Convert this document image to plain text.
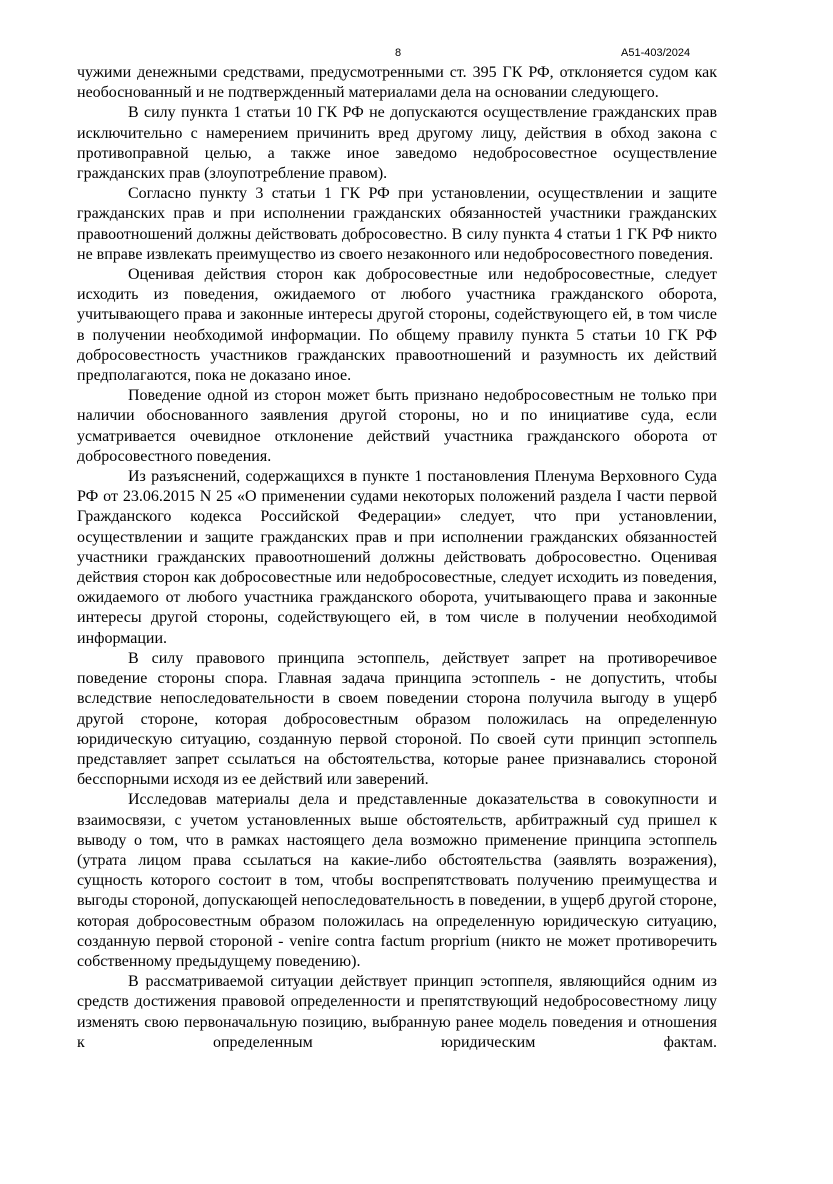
8	А51-403/2024

чужими денежными средствами, предусмотренными ст. 395 ГК РФ, отклоняется судом как необоснованный и не подтвержденный материалами дела на основании следующего.

В силу пункта 1 статьи 10 ГК РФ не допускаются осуществление гражданских прав исключительно с намерением причинить вред другому лицу, действия в обход закона с противоправной целью, а также иное заведомо недобросовестное осуществление гражданских прав (злоупотребление правом).

Согласно пункту 3 статьи 1 ГК РФ при установлении, осуществлении и защите гражданских прав и при исполнении гражданских обязанностей участники гражданских правоотношений должны действовать добросовестно. В силу пункта 4 статьи 1 ГК РФ никто не вправе извлекать преимущество из своего незаконного или недобросовестного поведения.

Оценивая действия сторон как добросовестные или недобросовестные, следует исходить из поведения, ожидаемого от любого участника гражданского оборота, учитывающего права и законные интересы другой стороны, содействующего ей, в том числе в получении необходимой информации. По общему правилу пункта 5 статьи 10 ГК РФ добросовестность участников гражданских правоотношений и разумность их действий предполагаются, пока не доказано иное.

Поведение одной из сторон может быть признано недобросовестным не только при наличии обоснованного заявления другой стороны, но и по инициативе суда, если усматривается очевидное отклонение действий участника гражданского оборота от добросовестного поведения.

Из разъяснений, содержащихся в пункте 1 постановления Пленума Верховного Суда РФ от 23.06.2015 N 25 «О применении судами некоторых положений раздела I части первой Гражданского кодекса Российской Федерации» следует, что при установлении, осуществлении и защите гражданских прав и при исполнении гражданских обязанностей участники гражданских правоотношений должны действовать добросовестно. Оценивая действия сторон как добросовестные или недобросовестные, следует исходить из поведения, ожидаемого от любого участника гражданского оборота, учитывающего права и законные интересы другой стороны, содействующего ей, в том числе в получении необходимой информации.

В силу правового принципа эстоппель, действует запрет на противоречивое поведение стороны спора. Главная задача принципа эстоппель - не допустить, чтобы вследствие непоследовательности в своем поведении сторона получила выгоду в ущерб другой стороне, которая добросовестным образом положилась на определенную юридическую ситуацию, созданную первой стороной. По своей сути принцип эстоппель представляет запрет ссылаться на обстоятельства, которые ранее признавались стороной бесспорными исходя из ее действий или заверений.

Исследовав материалы дела и представленные доказательства в совокупности и взаимосвязи, с учетом установленных выше обстоятельств, арбитражный суд пришел к выводу о том, что в рамках настоящего дела возможно применение принципа эстоппель (утрата лицом права ссылаться на какие-либо обстоятельства (заявлять возражения), сущность которого состоит в том, чтобы воспрепятствовать получению преимущества и выгоды стороной, допускающей непоследовательность в поведении, в ущерб другой стороне, которая добросовестным образом положилась на определенную юридическую ситуацию, созданную первой стороной - venire contra factum proprium (никто не может противоречить собственному предыдущему поведению).

В рассматриваемой ситуации действует принцип эстоппеля, являющийся одним из средств достижения правовой определенности и препятствующий недобросовестному лицу изменять свою первоначальную позицию, выбранную ранее модель поведения и отношения к определенным юридическим фактам.
